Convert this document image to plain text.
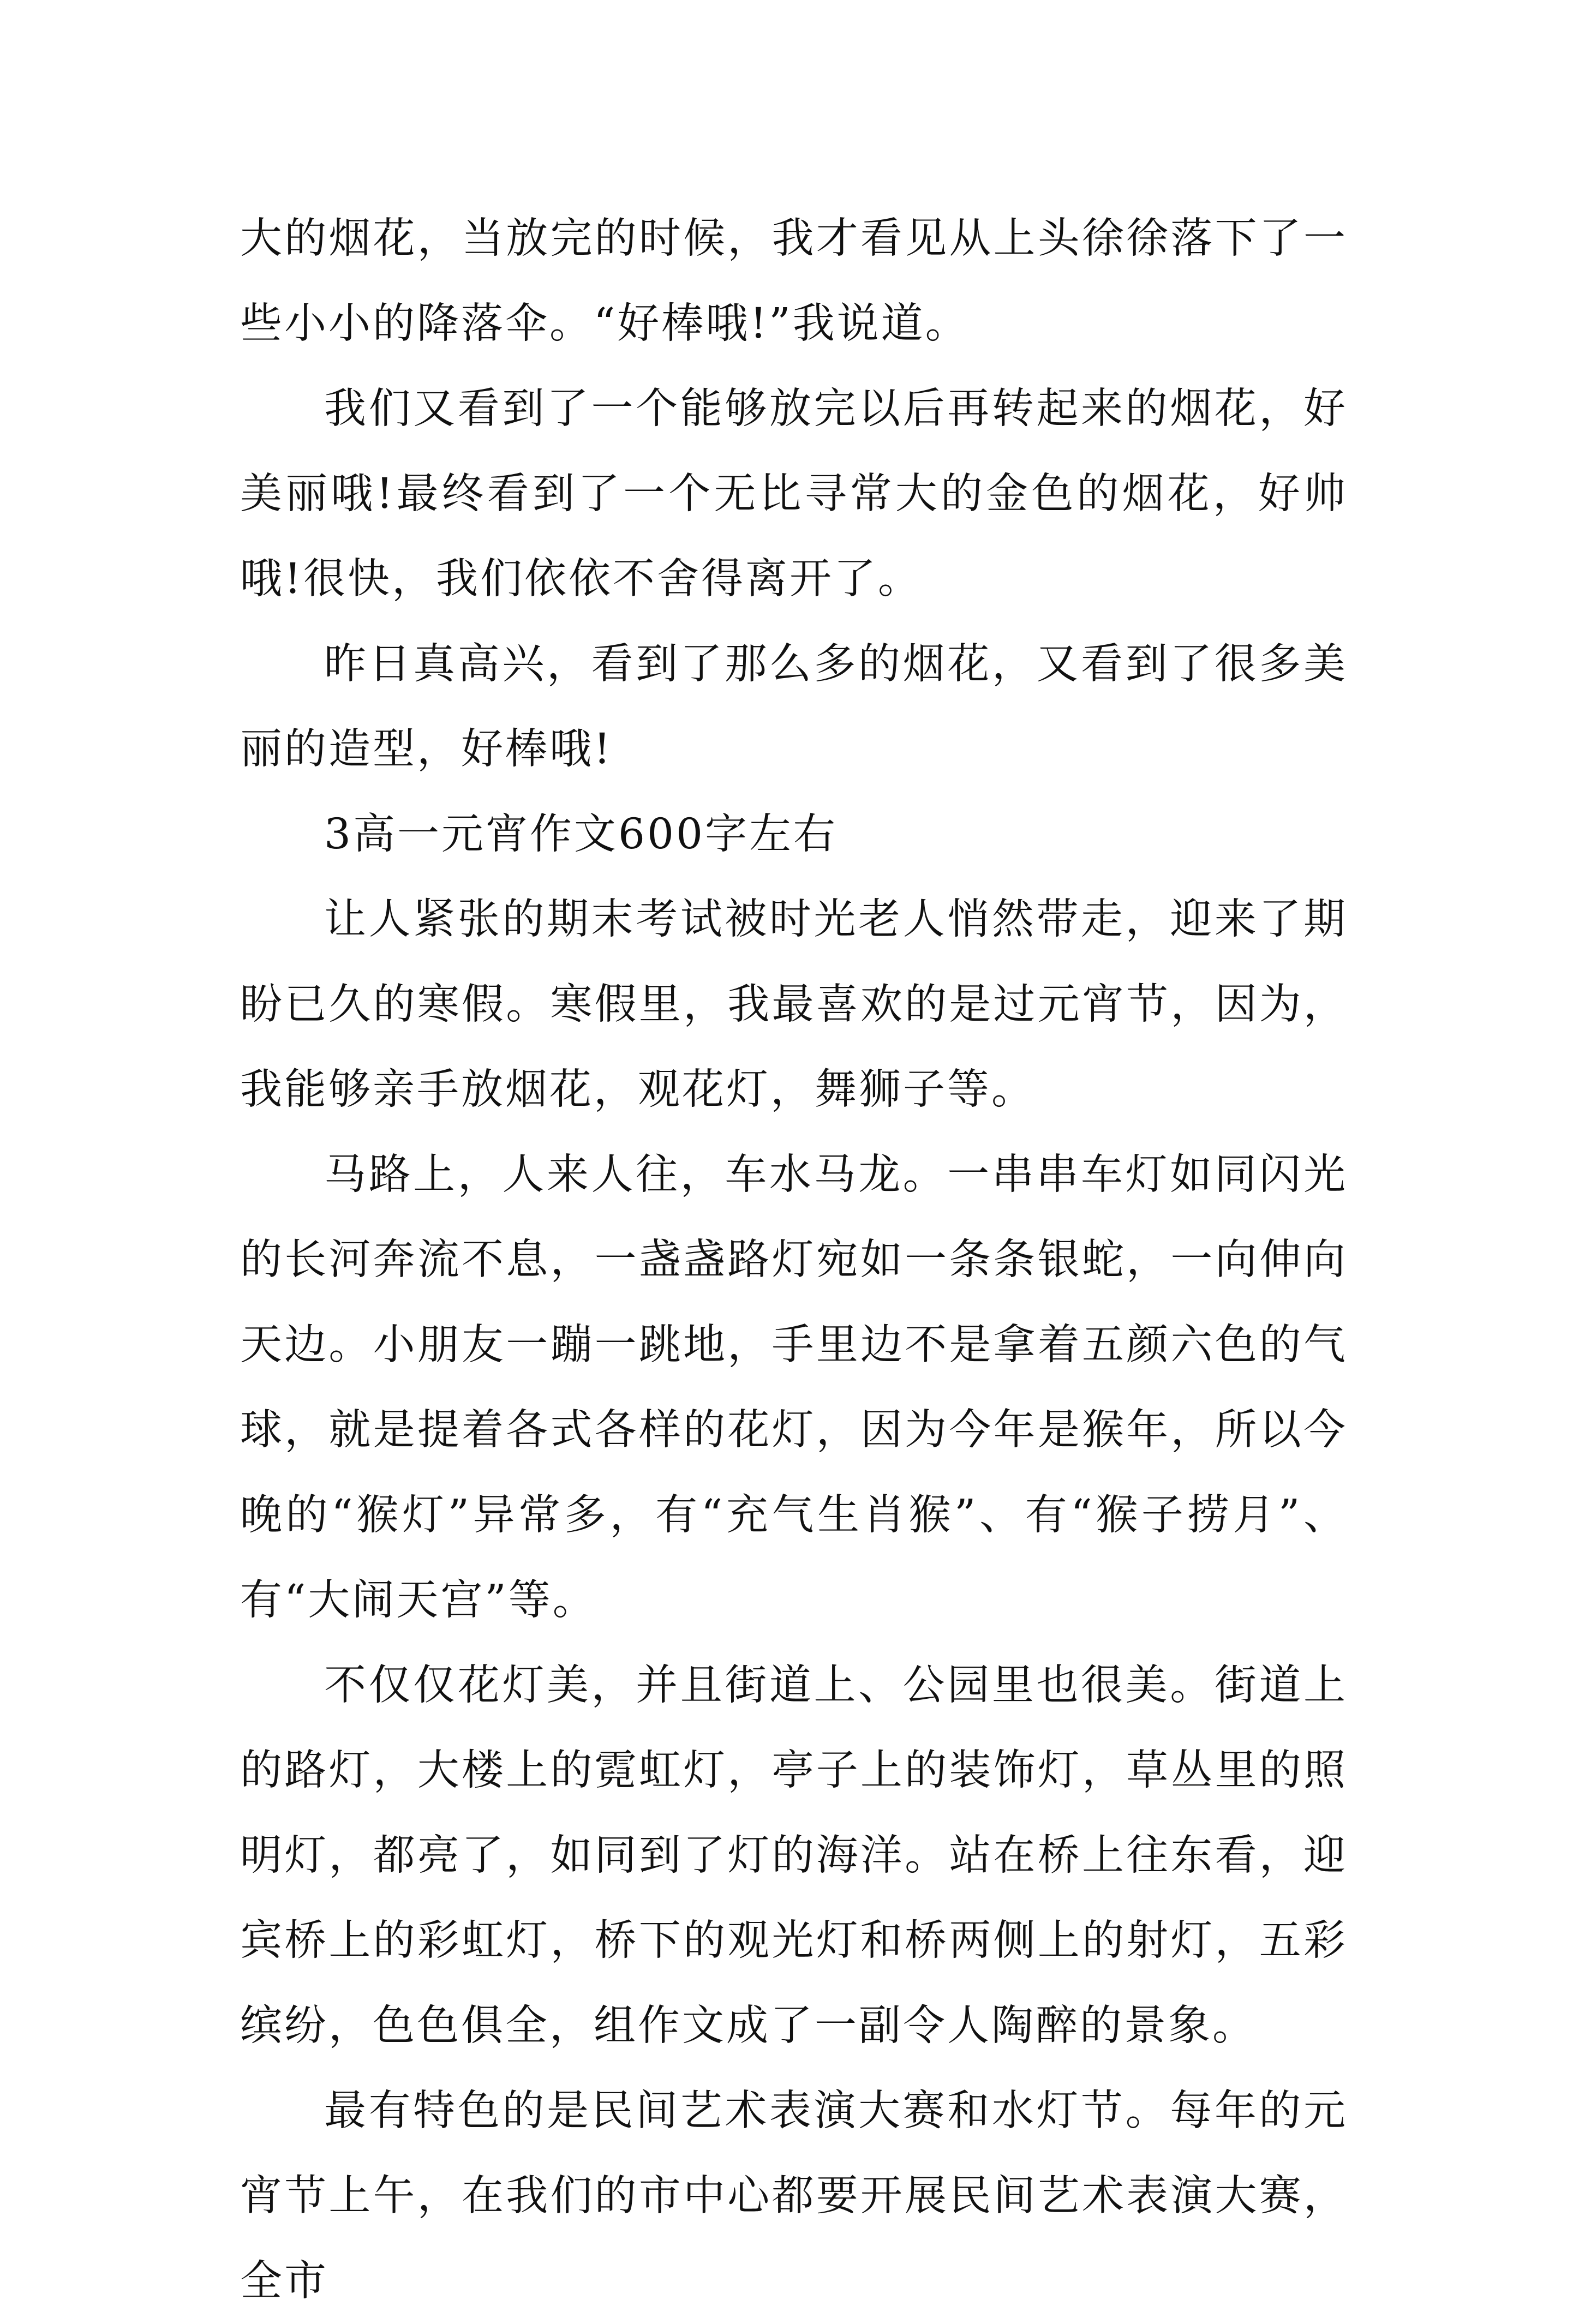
大的烟花，当放完的时候，我才看见从上头徐徐落下了一些小小的降落伞。“好棒哦!”我说道。

我们又看到了一个能够放完以后再转起来的烟花，好美丽哦!最终看到了一个无比寻常大的金色的烟花，好帅哦!很快，我们依依不舍得离开了。

昨日真高兴，看到了那么多的烟花，又看到了很多美丽的造型，好棒哦!

3高一元宵作文600字左右

让人紧张的期末考试被时光老人悄然带走，迎来了期盼已久的寒假。寒假里，我最喜欢的是过元宵节，因为，我能够亲手放烟花，观花灯，舞狮子等。

马路上，人来人往，车水马龙。一串串车灯如同闪光的长河奔流不息，一盏盏路灯宛如一条条银蛇，一向伸向天边。小朋友一蹦一跳地，手里边不是拿着五颜六色的气球，就是提着各式各样的花灯，因为今年是猴年，所以今晚的“猴灯”异常多，有“充气生肖猴”、有“猴子捞月”、有“大闹天宫”等。

不仅仅花灯美，并且街道上、公园里也很美。街道上的路灯，大楼上的霓虹灯，亭子上的装饰灯，草丛里的照明灯，都亮了，如同到了灯的海洋。站在桥上往东看，迎宾桥上的彩虹灯，桥下的观光灯和桥两侧上的射灯，五彩缤纷，色色俱全，组作文成了一副令人陶醉的景象。

最有特色的是民间艺术表演大赛和水灯节。每年的元宵节上午，在我们的市中心都要开展民间艺术表演大赛，全市
